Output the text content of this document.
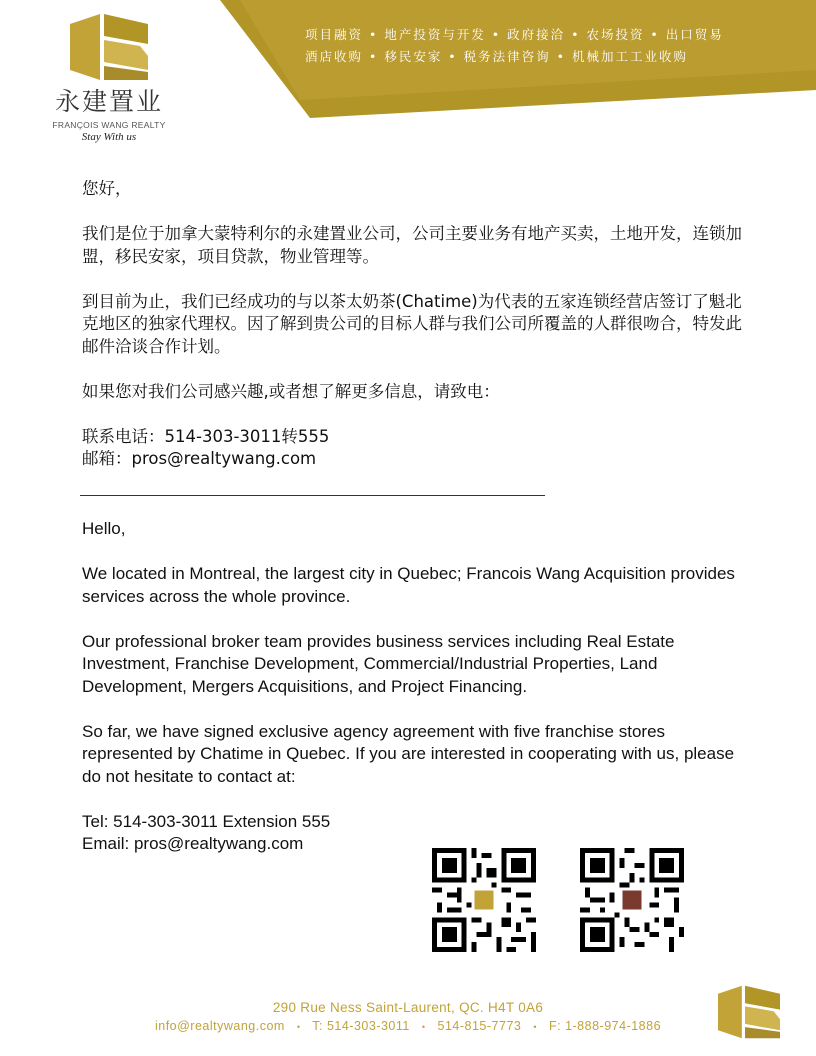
永建置业
FRANÇOIS WANG REALTY
Stay With us
项目融资 • 地产投资与开发 • 政府接洽 • 农场投资 • 出口贸易
酒店收购 • 移民安家 • 税务法律咨询 • 机械加工工业收购

您好，

我们是位于加拿大蒙特利尔的永建置业公司，公司主要业务有地产买卖，土地开发，连锁加盟，移民安家，项目贷款，物业管理等。

到目前为止，我们已经成功的与以茶太奶茶(Chatime)为代表的五家连锁经营店签订了魁北克地区的独家代理权。因了解到贵公司的目标人群与我们公司所覆盖的人群很吻合，特发此邮件洽谈合作计划。

如果您对我们公司感兴趣,或者想了解更多信息，请致电：

联系电话：514-303-3011转555
邮箱：pros@realtywang.com

Hello,

We located in Montreal, the largest city in Quebec; Francois Wang Acquisition provides services across the whole province.

Our professional broker team provides business services including Real Estate Investment, Franchise Development, Commercial/Industrial Properties, Land Development, Mergers Acquisitions, and Project Financing.

So far, we have signed exclusive agency agreement with five franchise stores represented by Chatime in Quebec. If you are interested in cooperating with us, please do not hesitate to contact at:

Tel: 514-303-3011 Extension 555
Email: pros@realtywang.com
290 Rue Ness Saint-Laurent, QC. H4T 0A6
info@realtywang.com • T: 514-303-3011 • 514-815-7773 • F: 1-888-974-1886
